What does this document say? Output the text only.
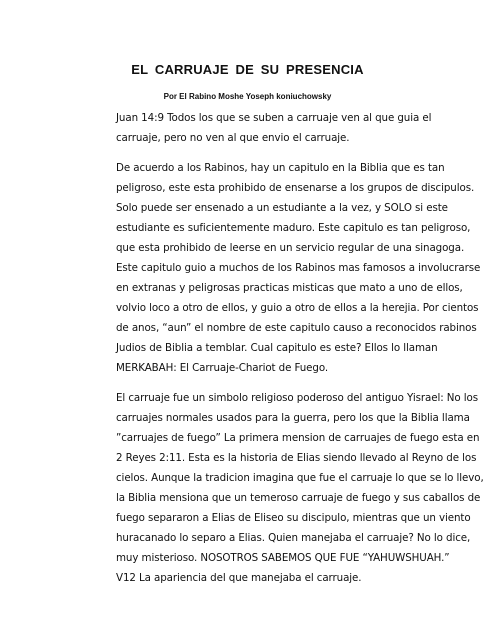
EL CARRUAJE DE SU PRESENCIA
Por El Rabino Moshe Yoseph koniuchowsky

Juan 14:9 Todos los que se suben a carruaje ven al que guia el
carruaje, pero no ven al que envio el carruaje.

De acuerdo a los Rabinos, hay un capitulo en la Biblia que es tan
peligroso, este esta prohibido de ensenarse a los grupos de discipulos.
Solo puede ser ensenado a un estudiante a la vez, y SOLO si este
estudiante es suficientemente maduro. Este capitulo es tan peligroso,
que esta prohibido de leerse en un servicio regular de una sinagoga.
Este capitulo guio a muchos de los Rabinos mas famosos a involucrarse
en extranas y peligrosas practicas misticas que mato a uno de ellos,
volvio loco a otro de ellos, y guio a otro de ellos a la herejia. Por cientos
de anos, “aun” el nombre de este capitulo causo a reconocidos rabinos
Judios de Biblia a temblar. Cual capitulo es este? Ellos lo llaman
MERKABAH: El Carruaje-Chariot de Fuego.

El carruaje fue un simbolo religioso poderoso del antiguo Yisrael: No los
carruajes normales usados para la guerra, pero los que la Biblia llama
”carruajes de fuego” La primera mension de carruajes de fuego esta en
2 Reyes 2:11. Esta es la historia de Elias siendo llevado al Reyno de los
cielos. Aunque la tradicion imagina que fue el carruaje lo que se lo llevo,
la Biblia mensiona que un temeroso carruaje de fuego y sus caballos de
fuego separaron a Elias de Eliseo su discipulo, mientras que un viento
huracanado lo separo a Elias. Quien manejaba el carruaje? No lo dice,
muy misterioso. NOSOTROS SABEMOS QUE FUE “YAHUWSHUAH.”
V12 La apariencia del que manejaba el carruaje.
